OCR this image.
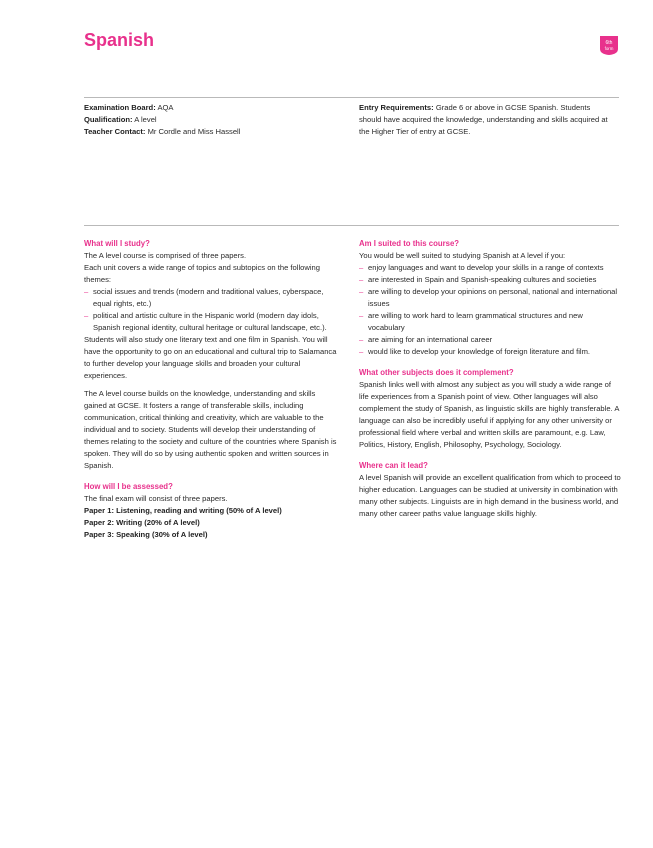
Spanish	6th
form

Examination Board: AQA

Qualification: A level

Teacher Contact: Mr Cordle and Miss Hassell

Entry Requirements: Grade 6 or above in GCSE Spanish. Students should have acquired the knowledge, understanding and skills acquired at the Higher Tier of entry at GCSE.

What will I study?

The A level course is comprised of three papers.

Each unit covers a wide range of topics and subtopics on the following themes:

– social issues and trends (modern and traditional values, cyberspace, equal rights, etc.)
– political and artistic culture in the Hispanic world (modern day idols, Spanish regional identity, cultural heritage or cultural landscape, etc.).

Students will also study one literary text and one film in Spanish. You will have the opportunity to go on an educational and cultural trip to Salamanca to further develop your language skills and broaden your cultural experiences.

The A level course builds on the knowledge, understanding and skills gained at GCSE. It fosters a range of transferable skills, including communication, critical thinking and creativity, which are valuable to the individual and to society. Students will develop their understanding of themes relating to the society and culture of the countries where Spanish is spoken. They will do so by using authentic spoken and written sources in Spanish.

How will I be assessed?

The final exam will consist of three papers.

Paper 1: Listening, reading and writing (50% of A level)

Paper 2: Writing (20% of A level)

Paper 3: Speaking (30% of A level)

Am I suited to this course?

You would be well suited to studying Spanish at A level if you:

– enjoy languages and want to develop your skills in a range of contexts
– are interested in Spain and Spanish-speaking cultures and societies
– are willing to develop your opinions on personal, national and international issues
– are willing to work hard to learn grammatical structures and new vocabulary
– are aiming for an international career
– would like to develop your knowledge of foreign literature and film.

What other subjects does it complement?

Spanish links well with almost any subject as you will study a wide range of life experiences from a Spanish point of view. Other languages will also complement the study of Spanish, as linguistic skills are highly transferable. A language can also be incredibly useful if applying for any other university or professional field where verbal and written skills are paramount, e.g. Law, Politics, History, English, Philosophy, Psychology, Sociology.

Where can it lead?

A level Spanish will provide an excellent qualification from which to proceed to higher education. Languages can be studied at university in combination with many other subjects. Linguists are in high demand in the business world, and many other career paths value language skills highly.
